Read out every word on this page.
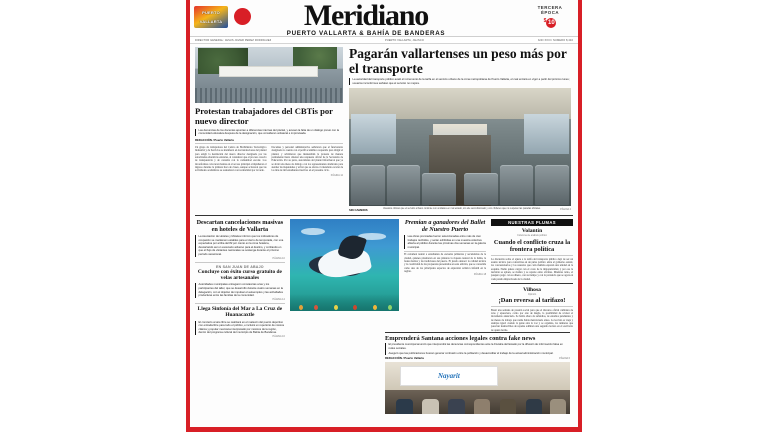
PUERTO
VALLARTA	Meridiano
PUERTO VALLARTA & BAHÍA DE BANDERAS
TERCERA
ÉPOCA
$ 10
DIRECTOR GENERAL: JESÚS JAVIER PÉREZ RODRÍGUEZ	PUERTO VALLARTA, JALISCO	AÑO XXIII / NÚMERO 8,432
Protestan trabajadores del CBTis por nuevo director
Las denuncias de los docentes apuntan a diferencias internas del plantel, y acusan la falta de un diálogo previo con la comunidad educativa después de la designación, que consideran unilateral e improvisada.
REDACCIÓN / Puerto Vallarta
Un grupo de trabajadores del Centro de Bachillerato Tecnológico Industrial y de Servicios se manifestó en las instalaciones del plantel para exigir la destitución del nuevo director designado por las autoridades educativas estatales, al considerar que el proceso careció de transparencia y de consulta con la comunidad escolar. Los inconformes colocaron mantas en el acceso principal e impidieron el ingreso durante la primera hora de clases, aunque aclararon que las actividades académicas se reanudaron con normalidad por la tarde.
Docentes y personal administrativo señalaron que el funcionario designado no cuenta con el perfil académico requerido para dirigir el plantel, y advirtieron que mantendrán la protesta de manera permanente hasta obtener una respuesta oficial de la Secretaría de Educación. Por su parte, autoridades del plantel informaron que ya se abrió una mesa de diálogo con los representantes sindicales para atender las inquietudes y evitar que se afecte el calendario escolar de los más de mil estudiantes inscritos en el presente ciclo.
PÁGINA 12
Pagarán vallartenses un peso más por el transporte
La autoridad del transporte público avaló el incremento de la tarifa en el servicio urbano de la zona metropolitana de Puerto Vallarta, el cual entrará en vigor a partir del próximo lunes; usuarios inconformes señalan que el servicio no mejora.
SIN CAMBIOS	Usuarios critican que el servicio urbano continúe con unidades en mal estado, sin aire acondicionado y con choferes que no respetan las paradas oficiales.	PÁGINA 4
Descartan cancelaciones masivas en hoteles de Vallarta
La Asociación de Hoteles y Moteles informó que los indicadores de ocupación se mantienen estables para el cierre de temporada, con una expectativa por arriba del 82 por ciento en la zona hotelera, descartando así un escenario adverso para el destino, y confiando en que el flujo de visitantes nacionales se sostenga durante el próximo periodo vacacional.
PÁGINA 10
EN SAN JUAN DE ABAJO
Concluye con éxito curso gratuito de velas artesanales
Autoridades municipales entregaron constancias a las y los participantes del taller, que se desarrolló durante cuatro semanas en la delegación, con el objetivo de impulsar el autoempleo y las actividades productivas entre las familias de la comunidad.
PÁGINA 14
Llega Sinfonía del Mar a La Cruz de Huanacaxtle
El concierto al aire libre se realizará en el malecón del puerto deportivo con entrada libre para todo el público, e incluirá un repertorio de música clásica y popular mexicana interpretado por músicos de la región, dentro del programa cultural del municipio de Bahía de Banderas.
PÁGINA 16
Premian a ganadores del Ballet de Nuestro Puerto
Las obras premiadas fueron seleccionadas entre más de cien trabajos recibidos, y serán exhibidas en una muestra colectiva abierta al público durante las próximas dos semanas en la galería municipal.
El certamen reunió a estudiantes de escuelas primarias y secundarias de la ciudad, quienes plasmaron en sus pinturas la riqueza natural de la bahía, la fauna marina y las tradiciones del puerto. El jurado destacó la calidad técnica y la creatividad de las propuestas presentadas en esta edición, que se consolida como uno de los principales espacios de expresión artística infantil en la región.
PÁGINA 18
NUESTRAS PLUMAS
Volantín
Columna de análisis político
Cuando el conflicto cruza la frontera política
La discusión sobre el ajuste a la tarifa del transporte público dejó de ser un asunto técnico para convertirse en un pulso político entre el gobierno estatal, los concesionarios y los usuarios que cada mañana esperan una unidad en la esquina. Nadie quiere cargar con el costo de la impopularidad, y por eso la decisión se aplaza, se matiza y se reparte entre oficinas. Mientras tanto, el pasajero paga: con su dinero, con su tiempo y con la paciencia que se agota en cada parada improvisada de la ciudad.
Vilhosa
Opinión
¡Dan reversa al tarifazo!
Bastó una semana de presión social para que el discurso oficial cambiara de tono y apareciera, como por arte de magia, la posibilidad de revisar el incremento anunciado. Se habla ahora de subsidios, de estudios pendientes y de mesas de trabajo que nadie había mencionado antes. La lección es vieja y siempre igual: cuando la gente alza la voz y se organiza, los números que parecían inamovibles de repente admiten una segunda lectura en el escritorio de quien decide.
Emprenderá Santana acciones legales contra fake news
El presidente municipal anunció que interpondrá las denuncias correspondientes ante la Fiscalía del Estado por la difusión de información falsa en redes sociales.
Aseguró que las publicaciones buscan generar confusión entre la población y desacreditar el trabajo de la actual administración municipal.
REDACCIÓN / Puerto Vallarta	PÁGINA 6
Nayarit
